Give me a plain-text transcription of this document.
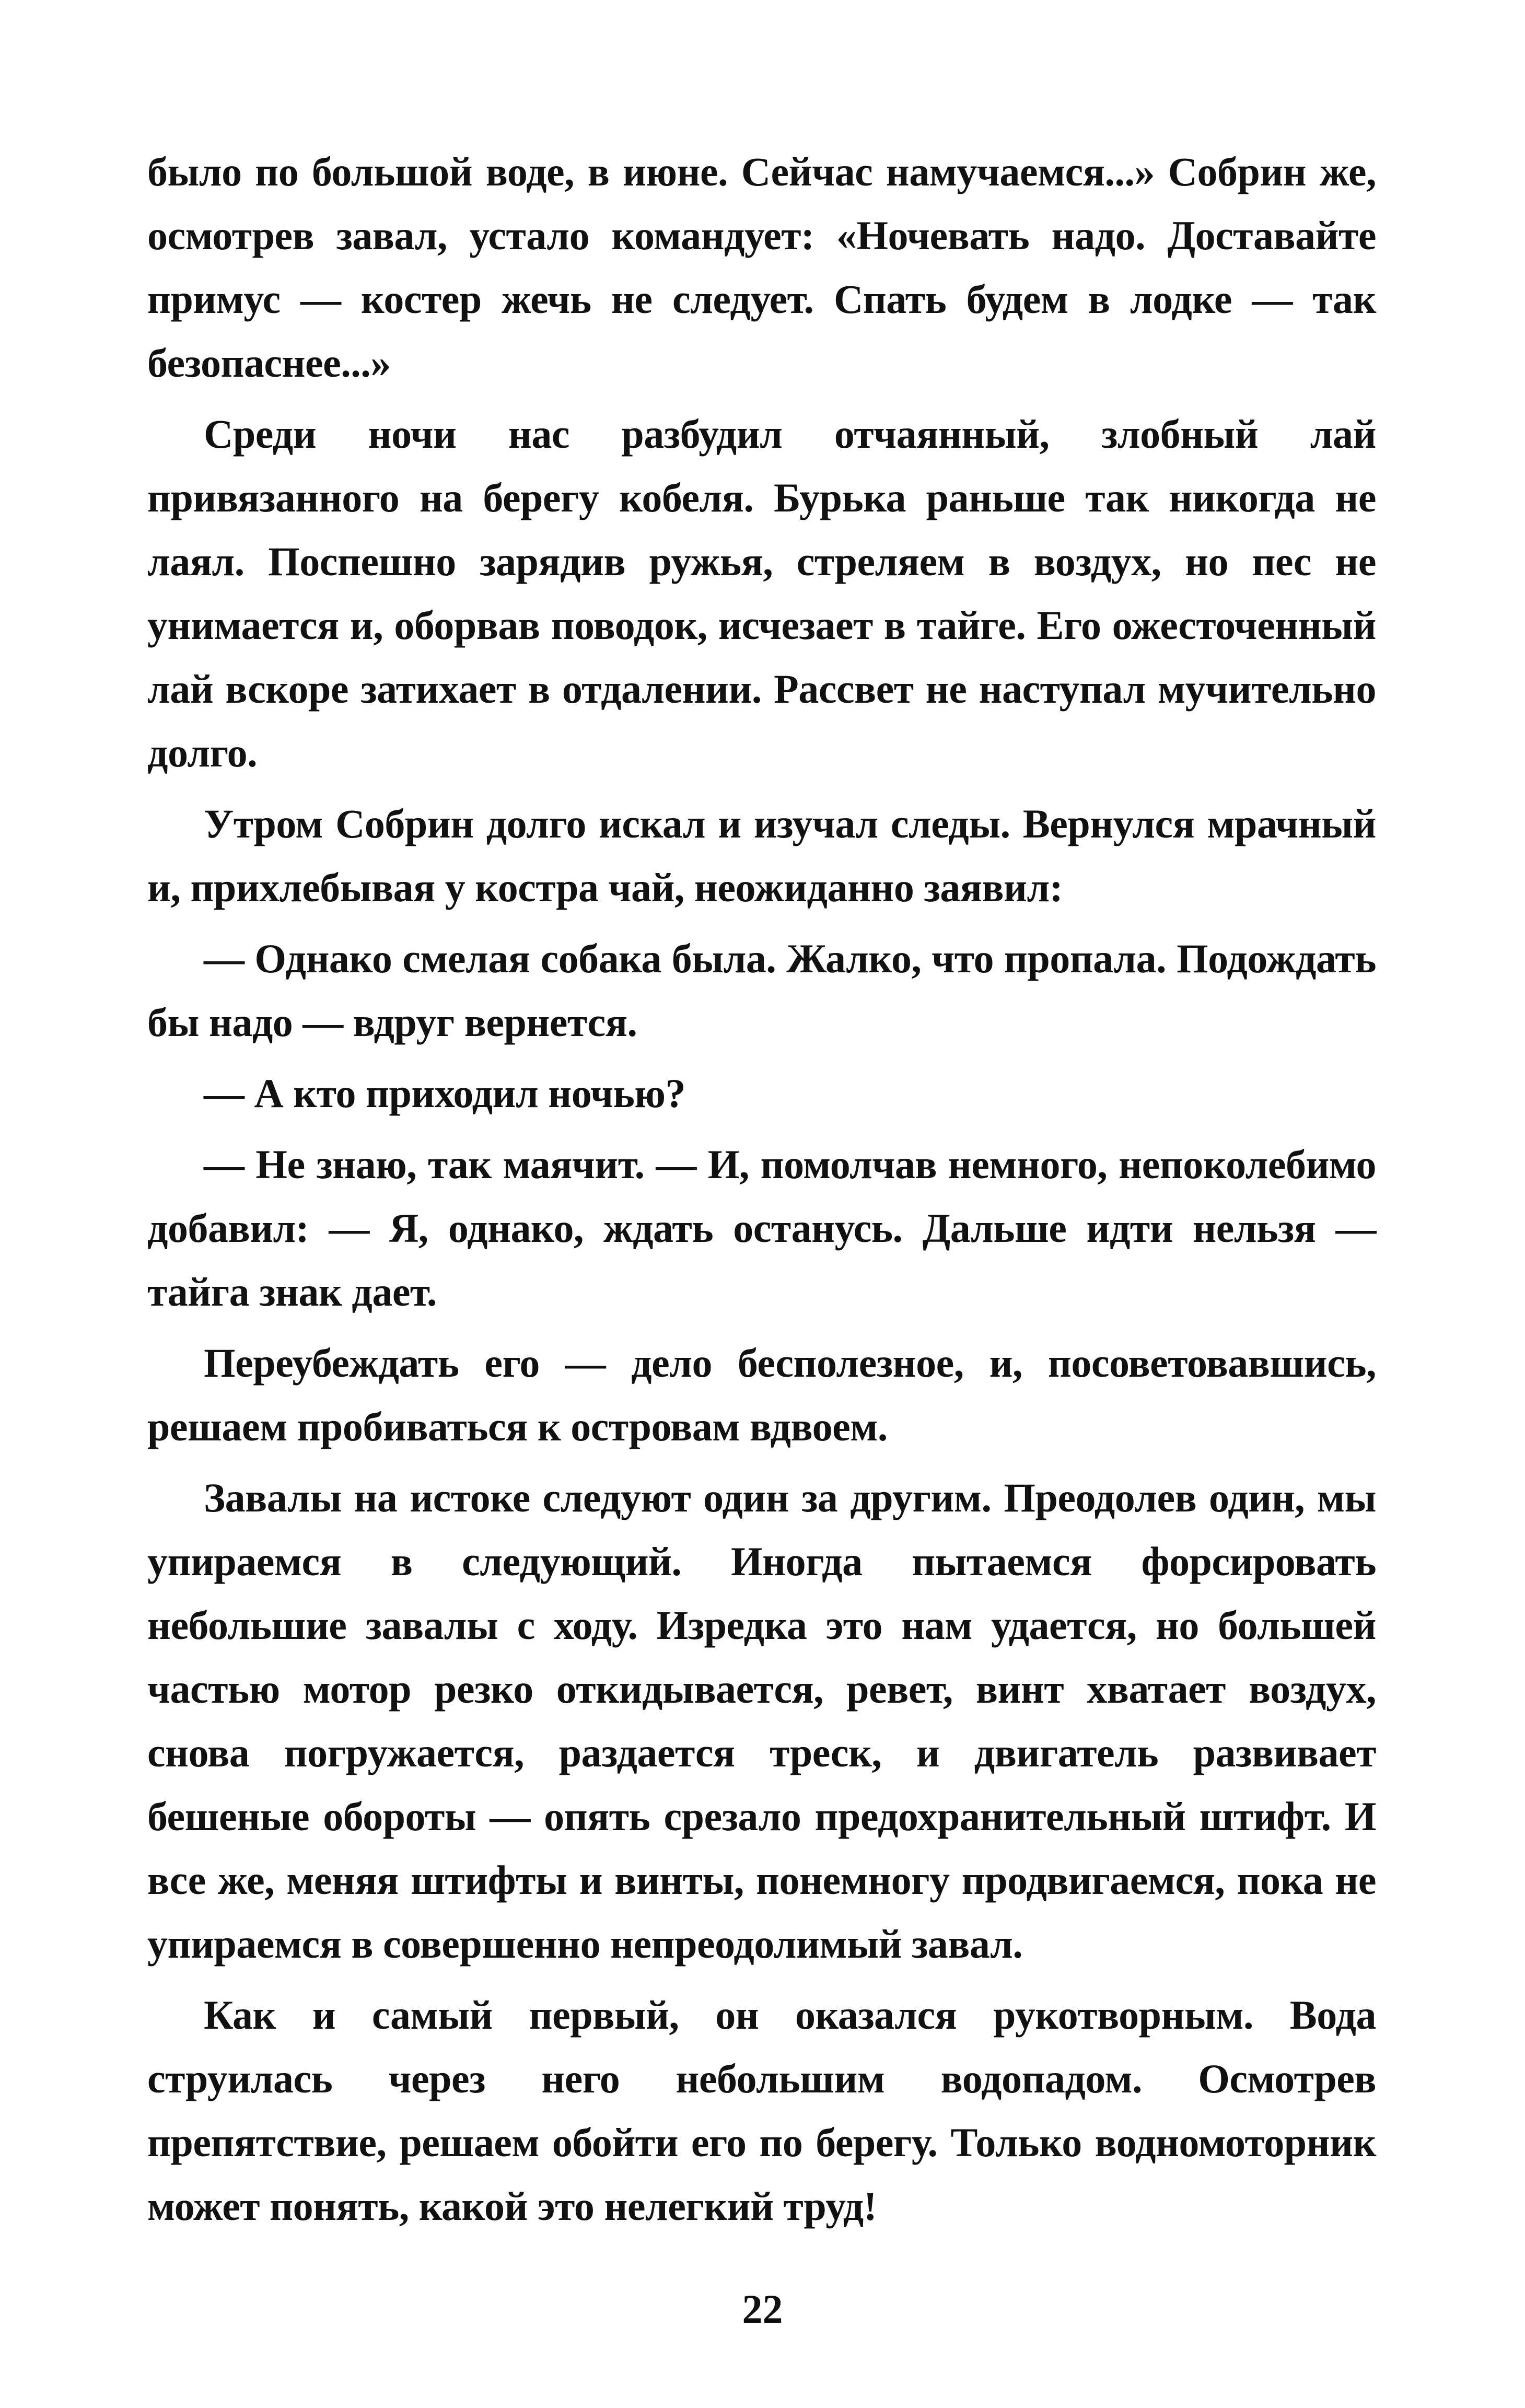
было по большой воде, в июне. Сейчас намучаемся...» Собрин же, осмотрев завал, устало командует: «Ночевать надо. Доставайте примус — костер жечь не следует. Спать будем в лодке — так безопаснее...»

Среди ночи нас разбудил отчаянный, злобный лай привязанного на берегу кобеля. Бурька раньше так никогда не лаял. Поспешно зарядив ружья, стреляем в воздух, но пес не унимается и, оборвав поводок, исчезает в тайге. Его ожесточенный лай вскоре затихает в отдалении. Рассвет не наступал мучительно долго.

Утром Собрин долго искал и изучал следы. Вернулся мрачный и, прихлебывая у костра чай, неожиданно заявил:

— Однако смелая собака была. Жалко, что пропала. Подождать бы надо — вдруг вернется.

— А кто приходил ночью?

— Не знаю, так маячит. — И, помолчав немного, непоколебимо добавил: — Я, однако, ждать останусь. Дальше идти нельзя — тайга знак дает.

Переубеждать его — дело бесполезное, и, посоветовавшись, решаем пробиваться к островам вдвоем.

Завалы на истоке следуют один за другим. Преодолев один, мы упираемся в следующий. Иногда пытаемся форсировать небольшие завалы с ходу. Изредка это нам удается, но большей частью мотор резко откидывается, ревет, винт хватает воздух, снова погружается, раздается треск, и двигатель развивает бешеные обороты — опять срезало предохранительный штифт. И все же, меняя штифты и винты, понемногу продвигаемся, пока не упираемся в совершенно непреодолимый завал.

Как и самый первый, он оказался рукотворным. Вода струилась через него небольшим водопадом. Осмотрев препятствие, решаем обойти его по берегу. Только водномоторник может понять, какой это нелегкий труд!

22
